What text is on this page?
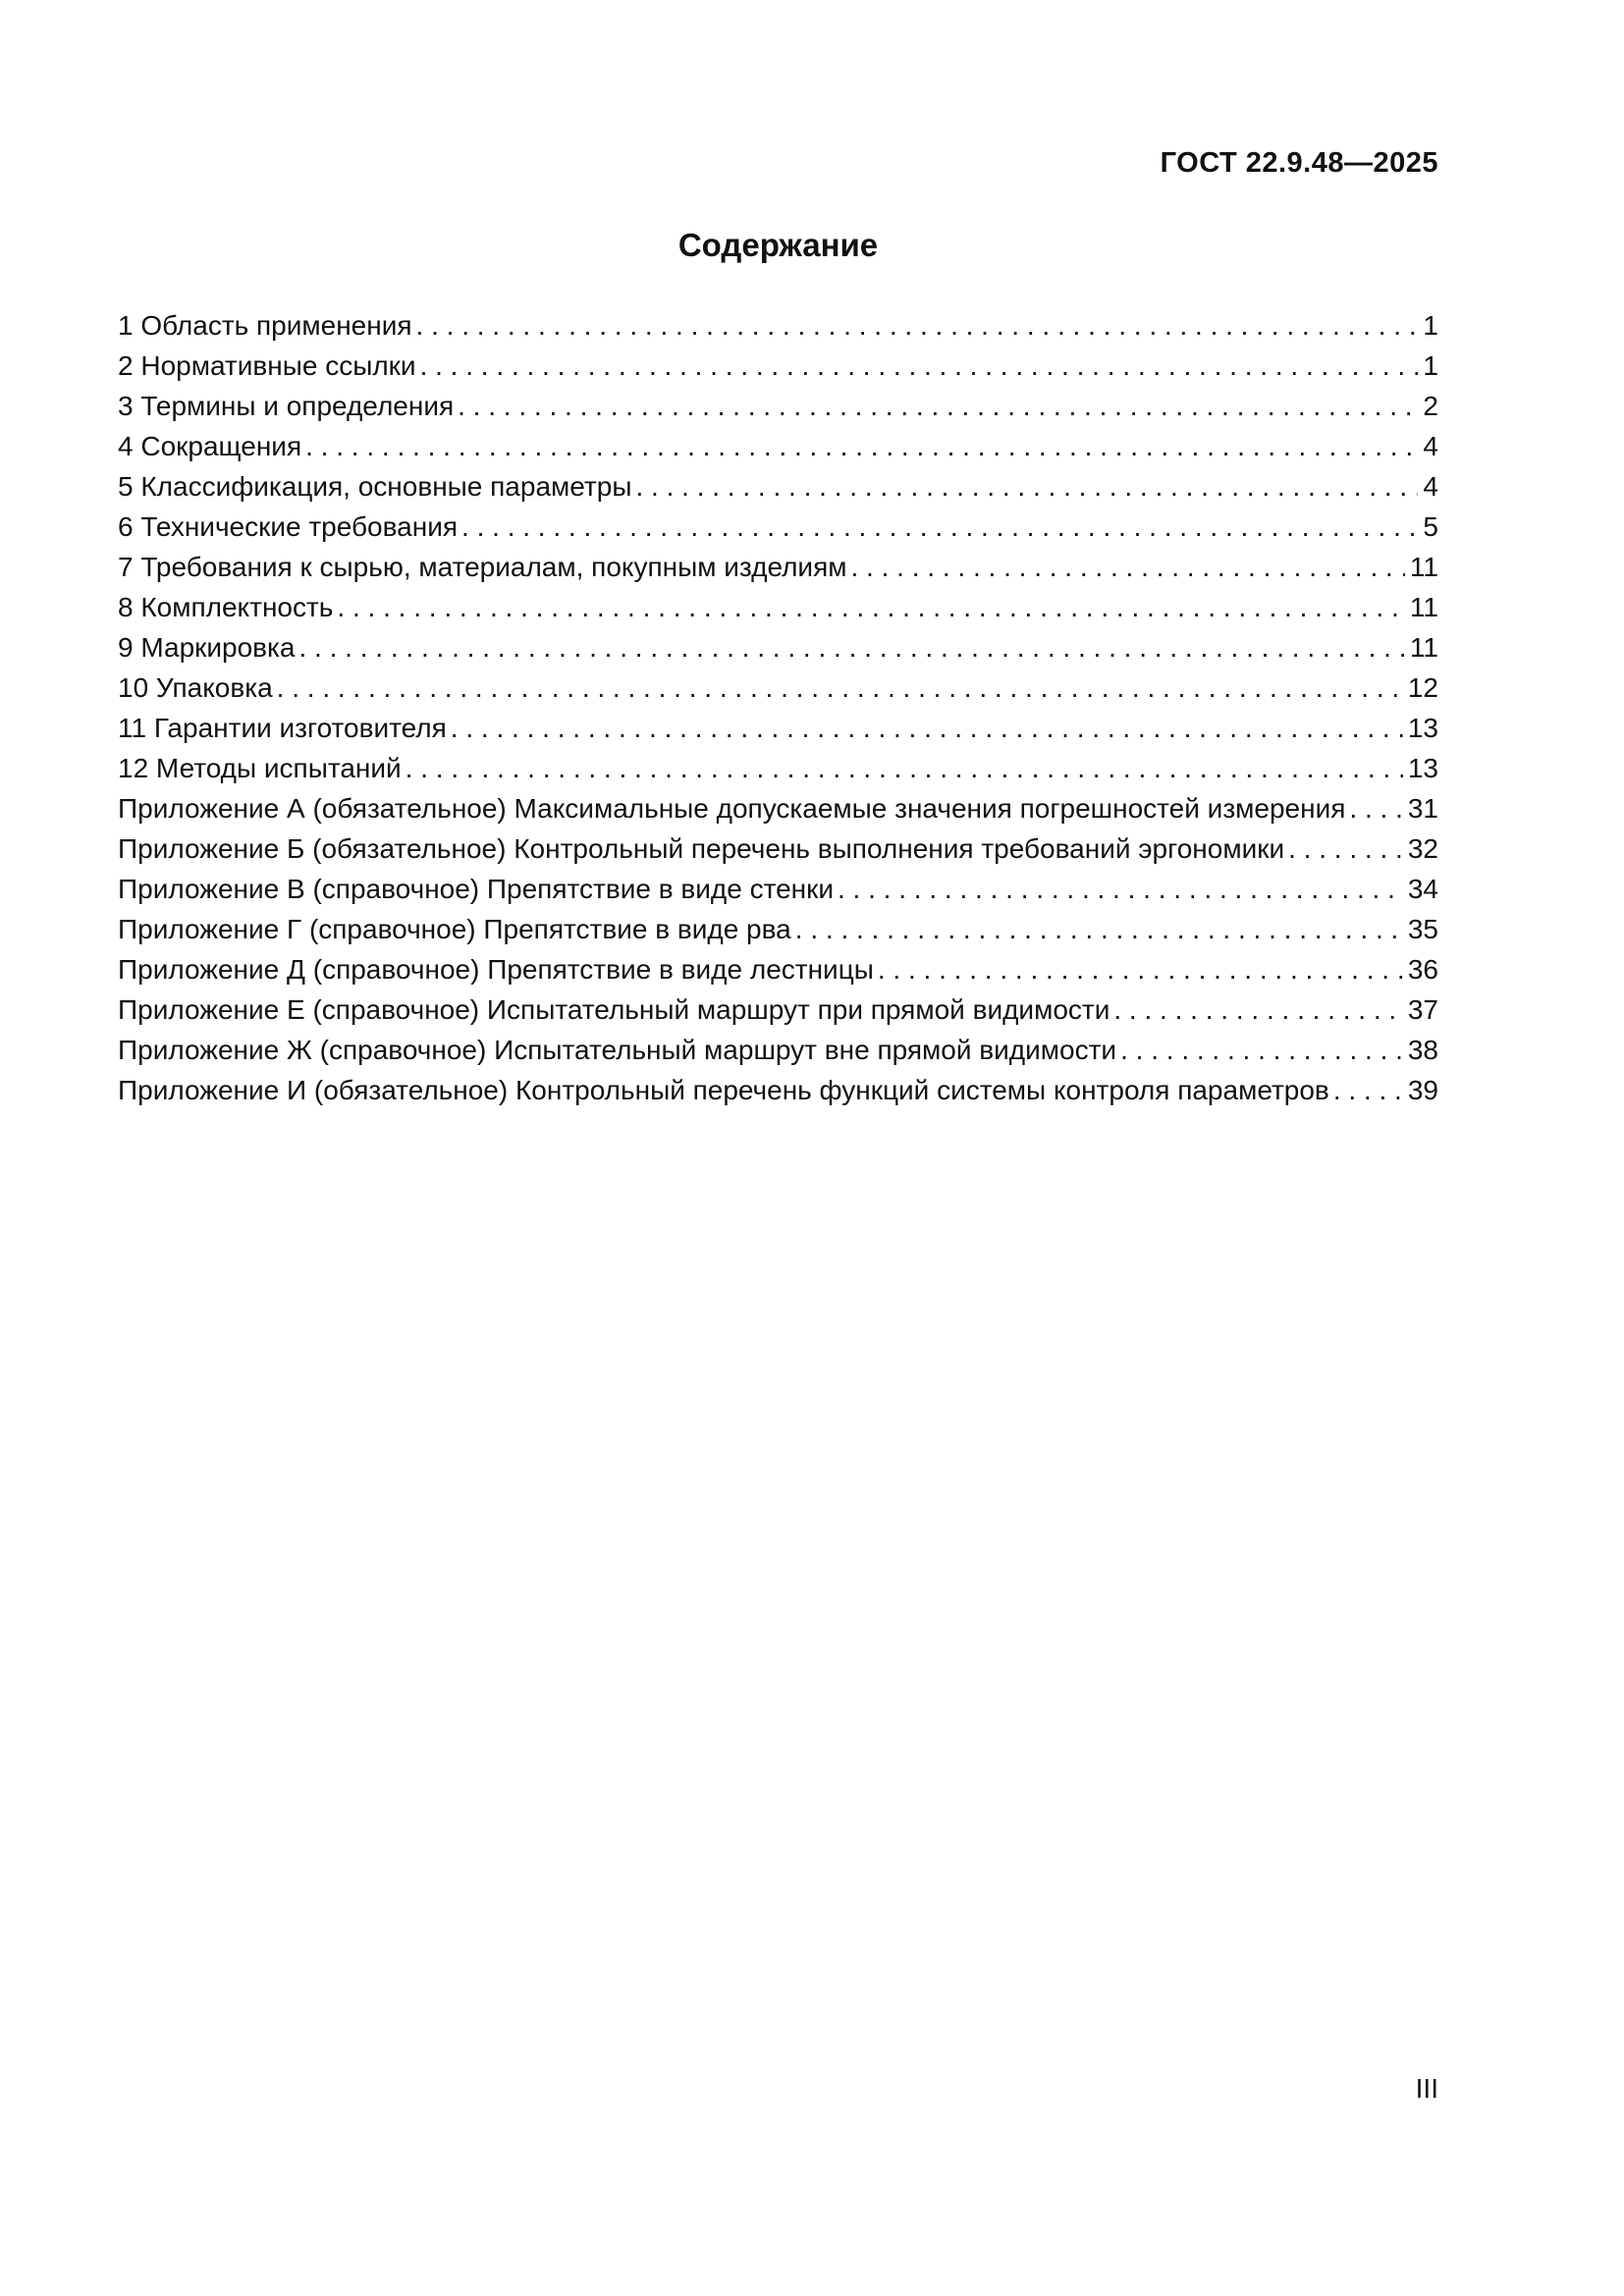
ГОСТ 22.9.48—2025
Содержание
1 Область применения . . .	1
2 Нормативные ссылки . . .	1
3 Термины и определения . . .	2
4 Сокращения . . .	4
5 Классификация, основные параметры . . .	4
6 Технические требования . . .	5
7 Требования к сырью, материалам, покупным изделиям . . .	11
8 Комплектность . . .	11
9 Маркировка . . .	11
10 Упаковка . . .	12
11 Гарантии изготовителя . . .	13
12 Методы испытаний . . .	13
Приложение А (обязательное) Максимальные допускаемые значения погрешностей измерения . . . 31
Приложение Б (обязательное) Контрольный перечень выполнения требований эргономики . . .	32
Приложение В (справочное) Препятствие в виде стенки . . .	34
Приложение Г (справочное) Препятствие в виде рва . . .	35
Приложение Д (справочное) Препятствие в виде лестницы . . .	36
Приложение Е (справочное) Испытательный маршрут при прямой видимости . . .	37
Приложение Ж (справочное) Испытательный маршрут вне прямой видимости . . .	38
Приложение И (обязательное) Контрольный перечень функций системы контроля параметров . . .	39
III
